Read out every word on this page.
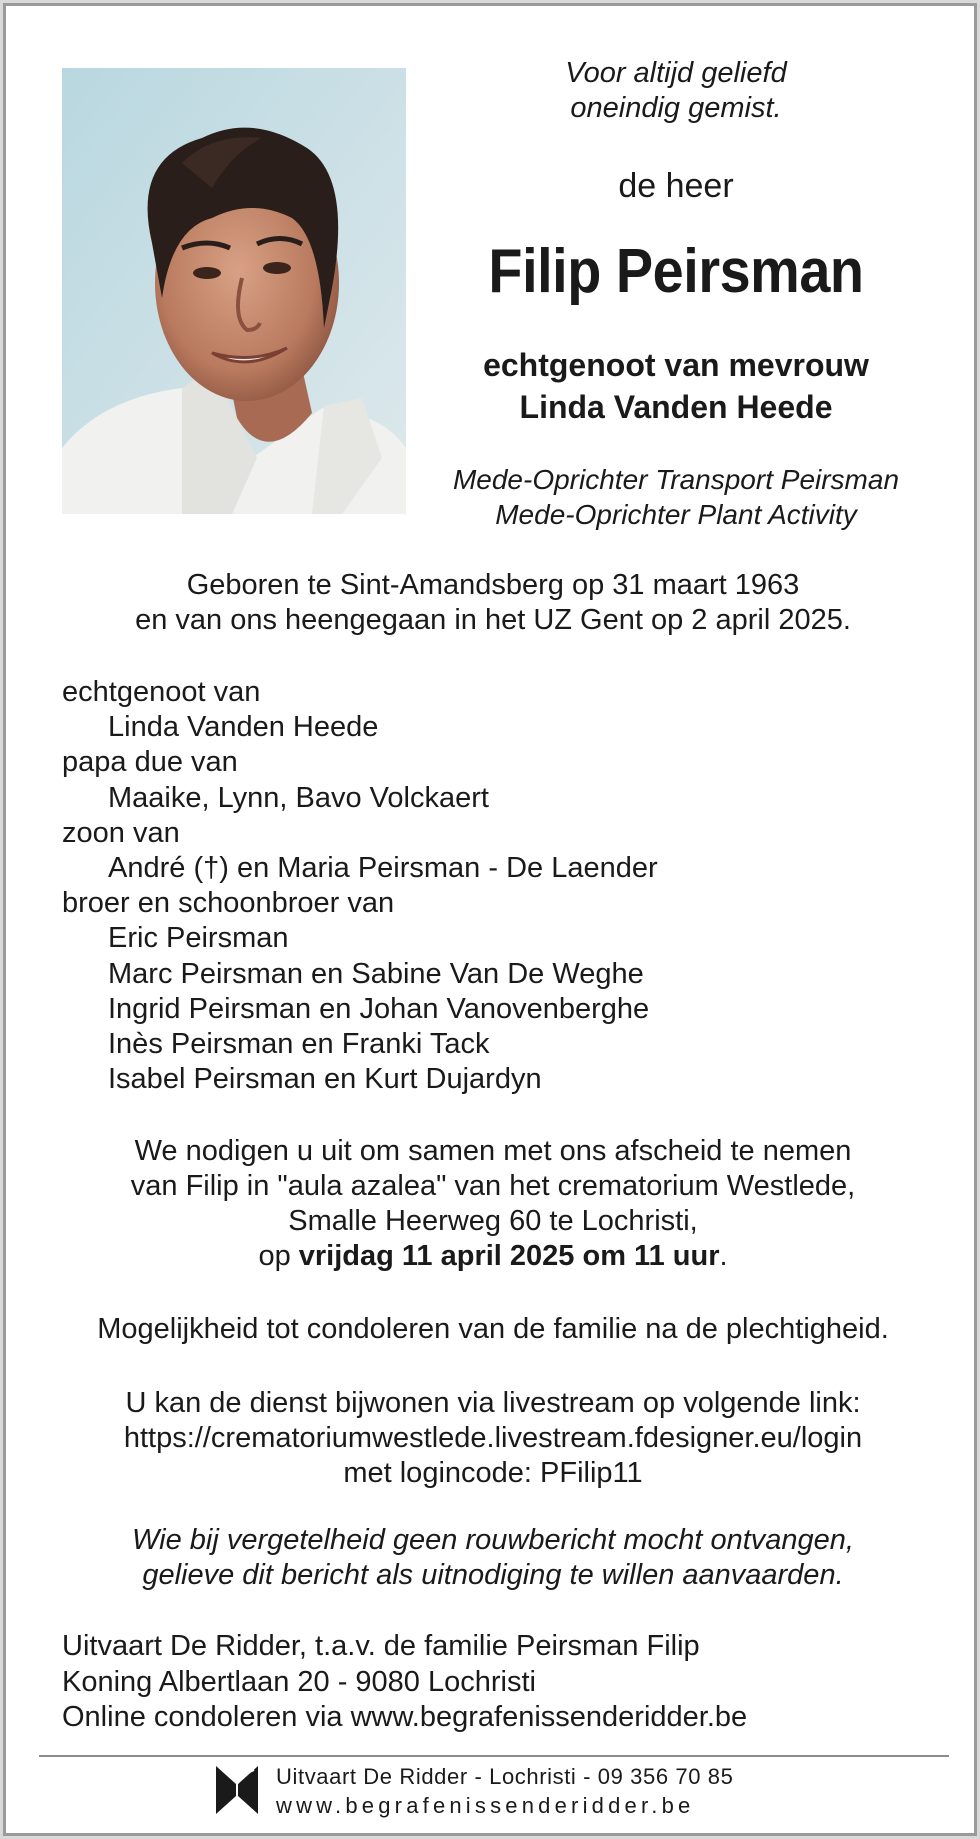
Voor altijd geliefd
oneindig gemist.
de heer
Filip Peirsman
echtgenoot van mevrouw
Linda Vanden Heede
Mede-Oprichter Transport Peirsman
Mede-Oprichter Plant Activity
Geboren te Sint-Amandsberg op 31 maart 1963
en van ons heengegaan in het UZ Gent op 2 april 2025.
echtgenoot van
Linda Vanden Heede
papa due van
Maaike, Lynn, Bavo Volckaert
zoon van
André (†) en Maria Peirsman - De Laender
broer en schoonbroer van
Eric Peirsman
Marc Peirsman en Sabine Van De Weghe
Ingrid Peirsman en Johan Vanovenberghe
Inès Peirsman en Franki Tack
Isabel Peirsman en Kurt Dujardyn
We nodigen u uit om samen met ons afscheid te nemen
van Filip in "aula azalea" van het crematorium Westlede,
Smalle Heerweg 60 te Lochristi,
op vrijdag 11 april 2025 om 11 uur.
Mogelijkheid tot condoleren van de familie na de plechtigheid.
U kan de dienst bijwonen via livestream op volgende link:
https://crematoriumwestlede.livestream.fdesigner.eu/login
met logincode: PFilip11
Wie bij vergetelheid geen rouwbericht mocht ontvangen,
gelieve dit bericht als uitnodiging te willen aanvaarden.
Uitvaart De Ridder, t.a.v. de familie Peirsman Filip
Koning Albertlaan 20 - 9080 Lochristi
Online condoleren via www.begrafenissenderidder.be
Uitvaart De Ridder - Lochristi - 09 356 70 85
www.begrafenissenderidder.be
